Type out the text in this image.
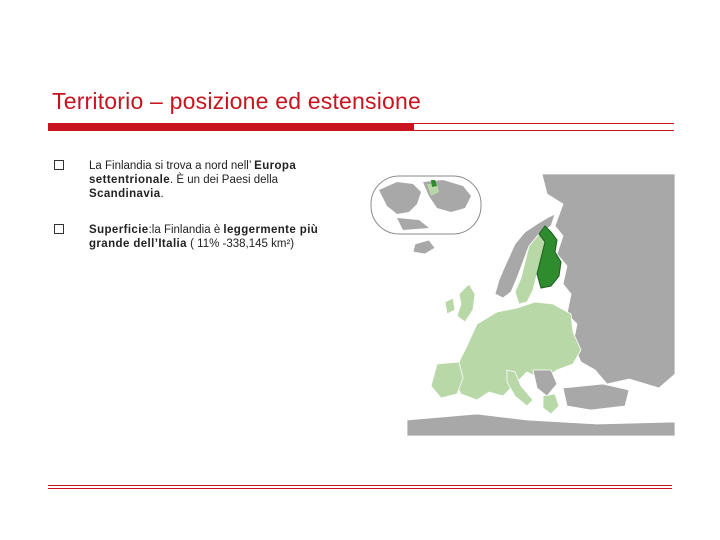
Territorio – posizione ed estensione
La Finlandia si trova a nord nell’ Europa settentrionale. È un dei Paesi della Scandinavia.
Superficie:la Finlandia è leggermente più grande dell’Italia ( 11% -338,145 km²)
